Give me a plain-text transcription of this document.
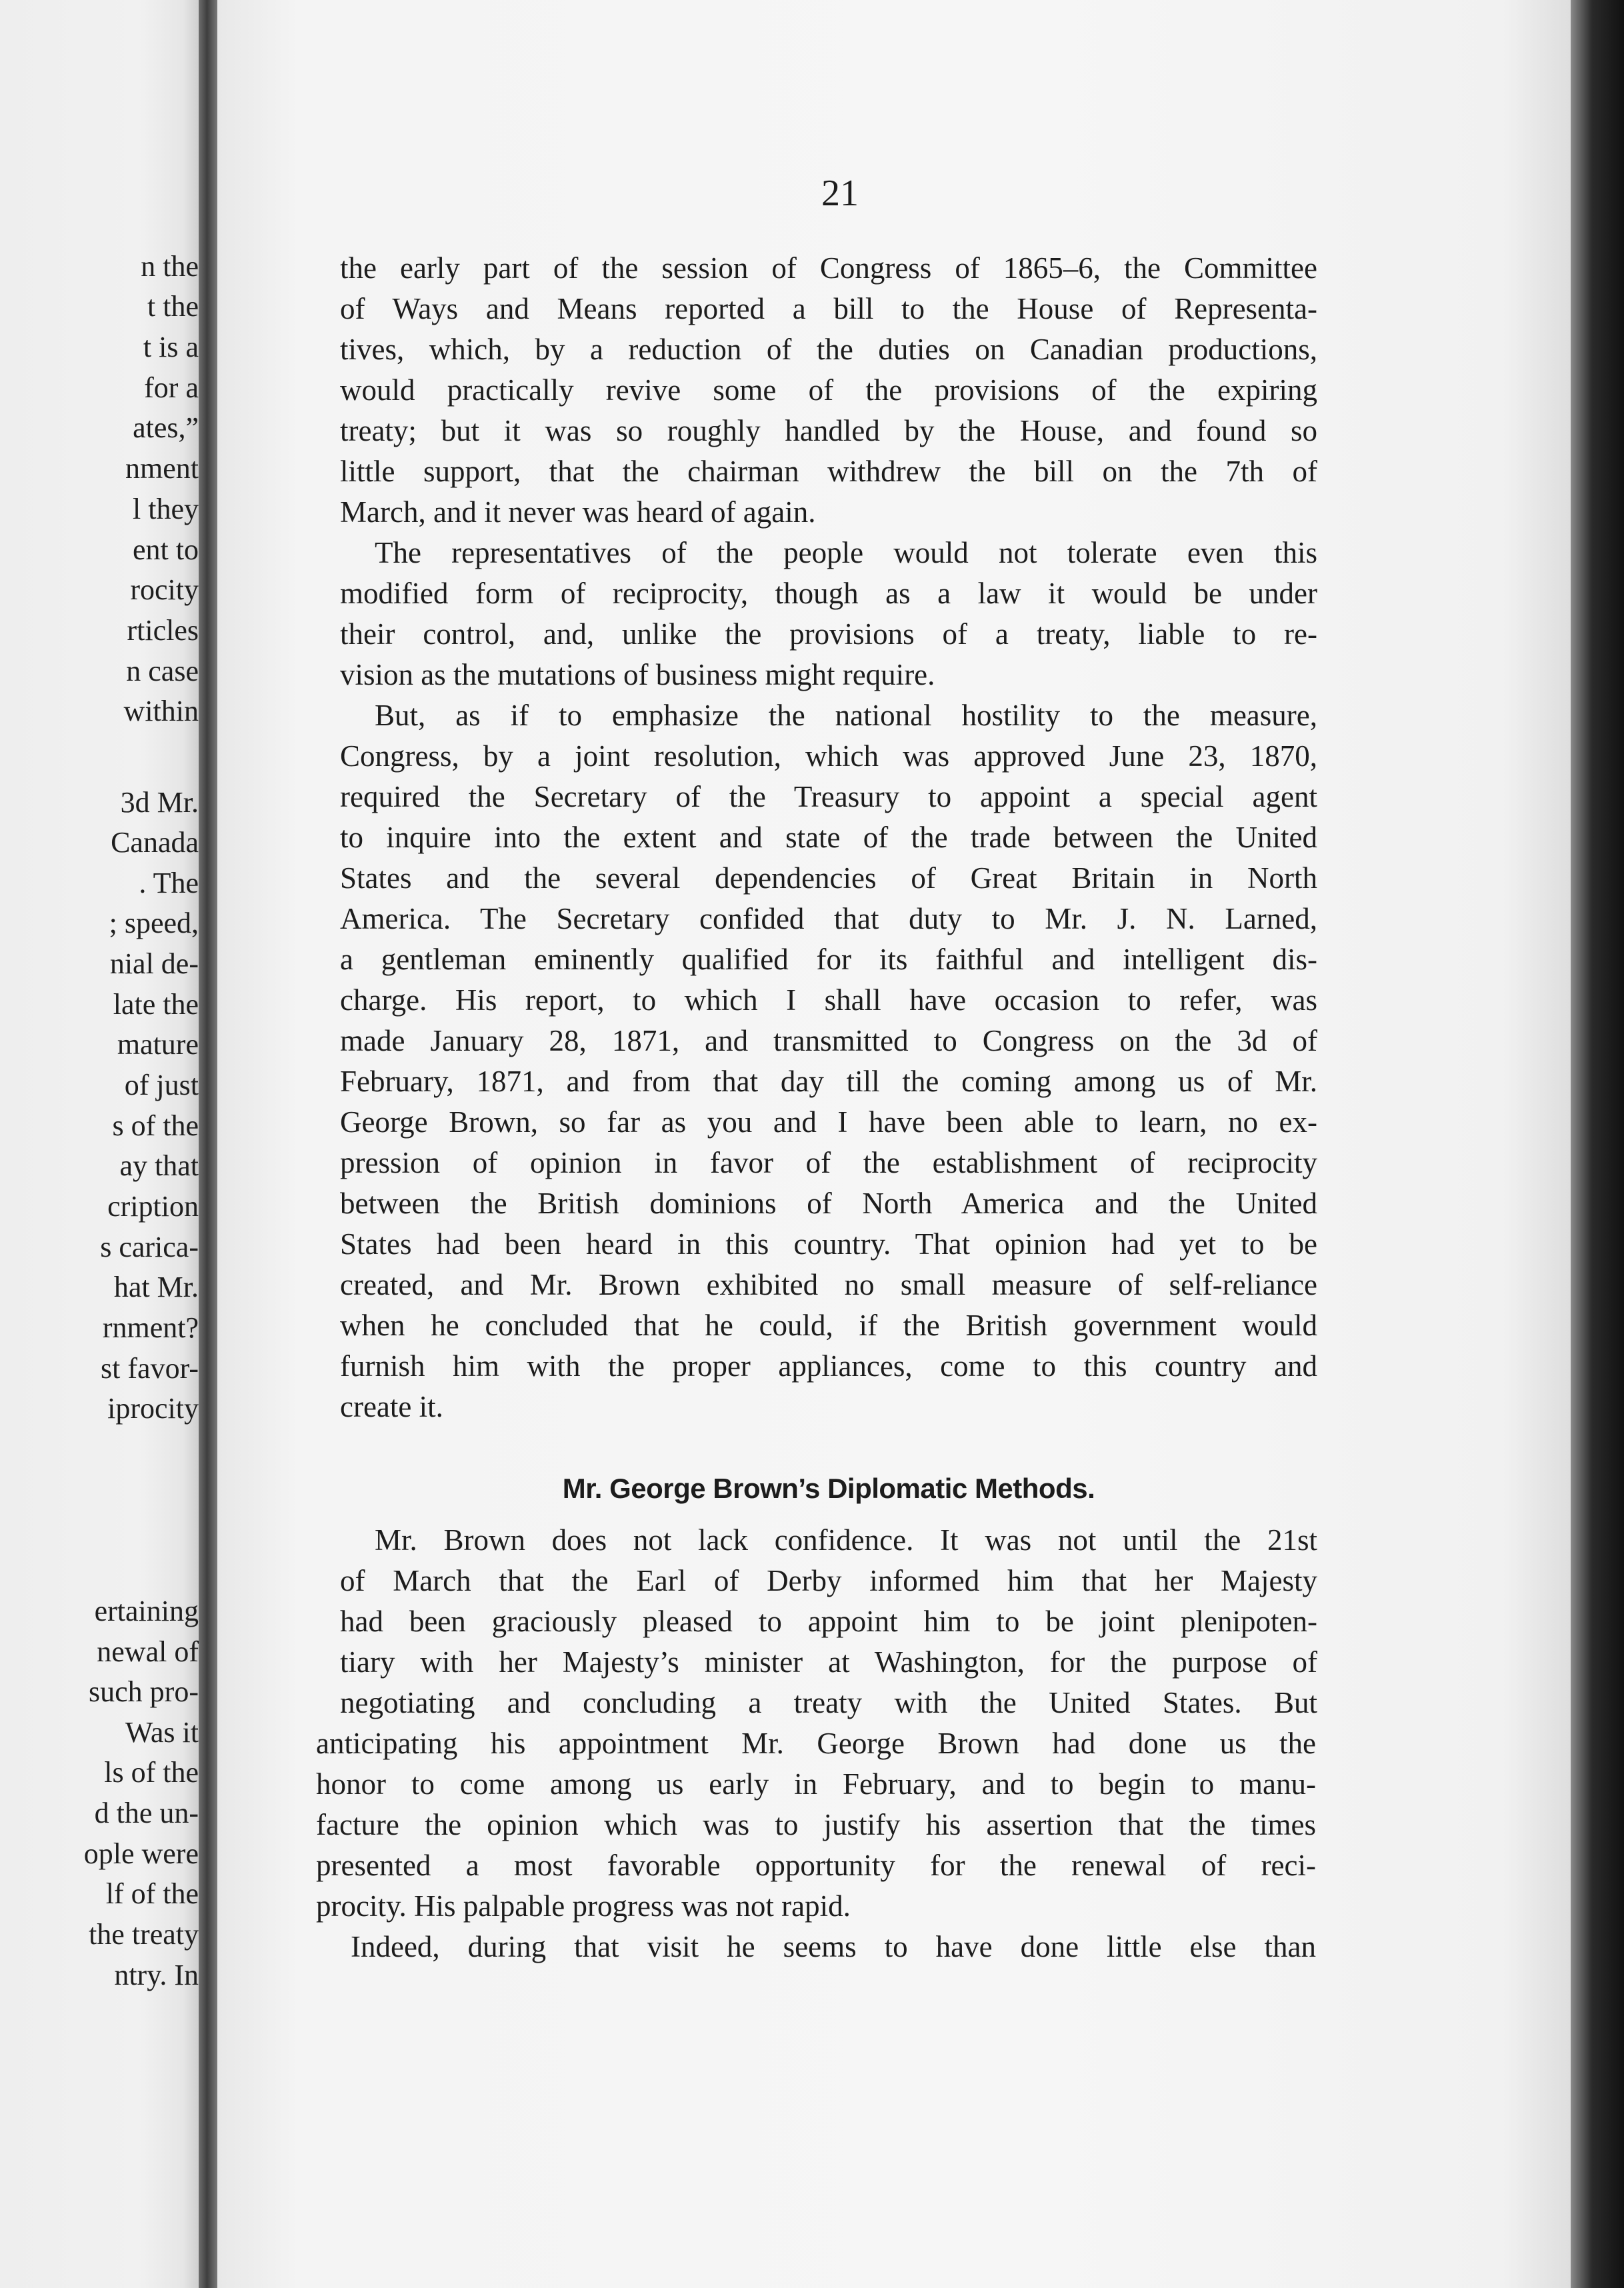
n the
t the
t is a
for a
ates,”
nment
l they
ent to
rocity
rticles
n case
within
3d Mr.
Canada
. The
; speed,
nial de-
late the
mature
of just
s of the
ay that
cription
s carica-
hat Mr.
rnment?
st favor-
iprocity
ertaining
newal of
such pro-
Was it
ls of the
d the un-
ople were
lf of the
the treaty
ntry. In
21
the early part of the session of Congress of 1865–6, the Committee
of Ways and Means reported a bill to the House of Representa-
tives, which, by a reduction of the duties on Canadian productions,
would practically revive some of the provisions of the expiring
treaty; but it was so roughly handled by the House, and found so
little support, that the chairman withdrew the bill on the 7th of
March, and it never was heard of again.
The representatives of the people would not tolerate even this
modified form of reciprocity, though as a law it would be under
their control, and, unlike the provisions of a treaty, liable to re-
vision as the mutations of business might require.
But, as if to emphasize the national hostility to the measure,
Congress, by a joint resolution, which was approved June 23, 1870,
required the Secretary of the Treasury to appoint a special agent
to inquire into the extent and state of the trade between the United
States and the several dependencies of Great Britain in North
America. The Secretary confided that duty to Mr. J. N. Larned,
a gentleman eminently qualified for its faithful and intelligent dis-
charge. His report, to which I shall have occasion to refer, was
made January 28, 1871, and transmitted to Congress on the 3d of
February, 1871, and from that day till the coming among us of Mr.
George Brown, so far as you and I have been able to learn, no ex-
pression of opinion in favor of the establishment of reciprocity
between the British dominions of North America and the United
States had been heard in this country. That opinion had yet to be
created, and Mr. Brown exhibited no small measure of self-reliance
when he concluded that he could, if the British government would
furnish him with the proper appliances, come to this country and
create it.
Mr. George Brown’s Diplomatic Methods.
Mr. Brown does not lack confidence. It was not until the 21st
of March that the Earl of Derby informed him that her Majesty
had been graciously pleased to appoint him to be joint plenipoten-
tiary with her Majesty’s minister at Washington, for the purpose of
negotiating and concluding a treaty with the United States. But
anticipating his appointment Mr. George Brown had done us the
honor to come among us early in February, and to begin to manu-
facture the opinion which was to justify his assertion that the times
presented a most favorable opportunity for the renewal of reci-
procity. His palpable progress was not rapid.
Indeed, during that visit he seems to have done little else than
